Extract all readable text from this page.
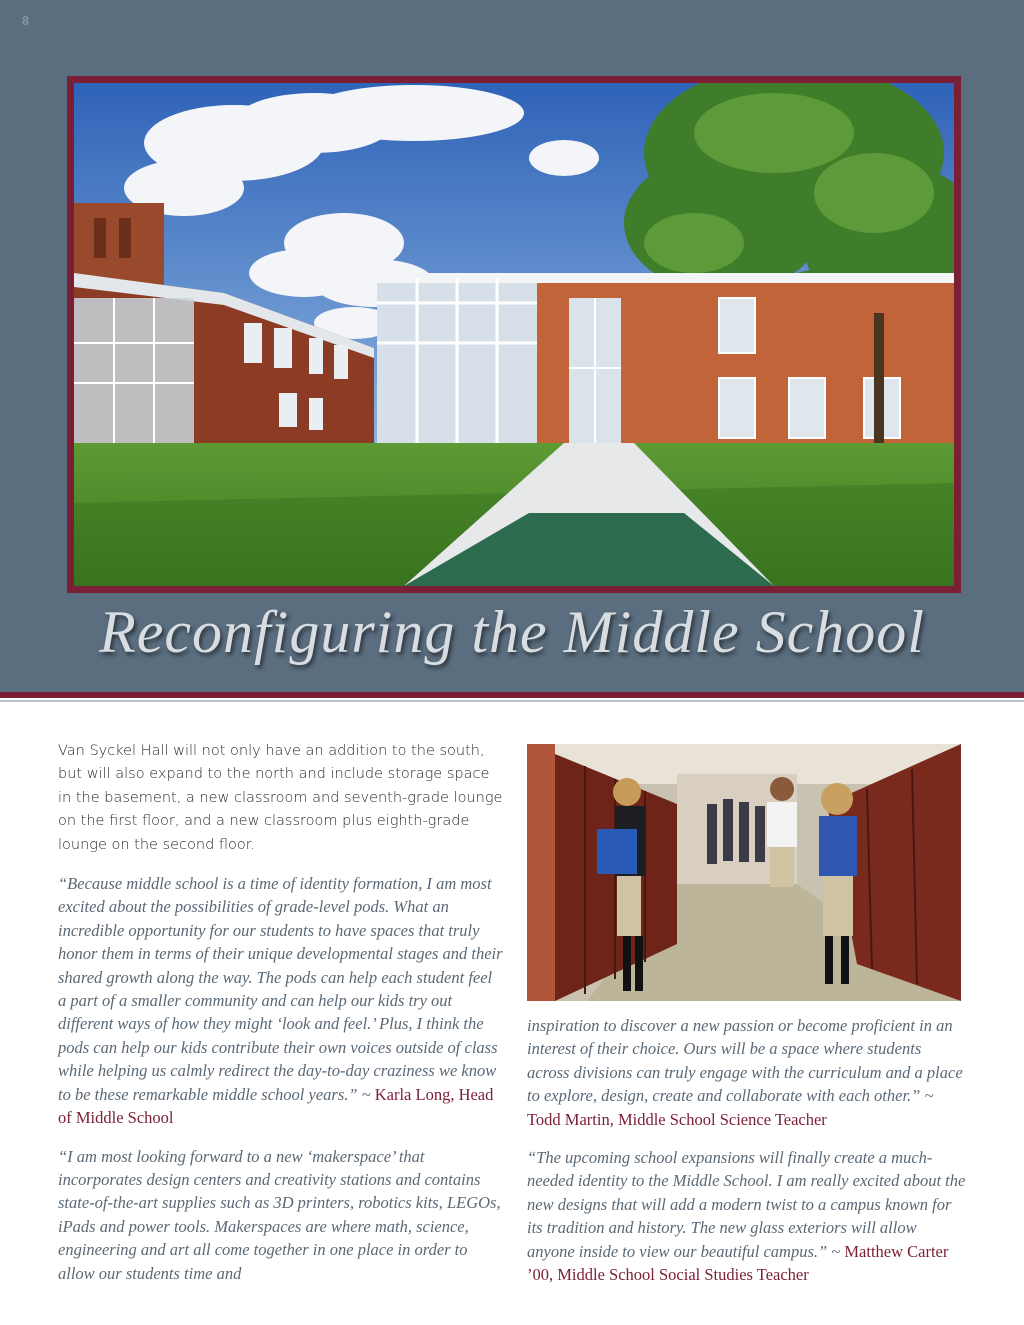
8
Reconfiguring the Middle School

Van Syckel Hall will not only have an addition to the south, but will also expand to the north and include storage space in the basement, a new classroom and seventh-grade lounge on the first floor, and a new classroom plus eighth-grade lounge on the second floor.

“Because middle school is a time of identity formation, I am most excited about the possibilities of grade-level pods. What an incredible opportunity for our students to have spaces that truly honor them in terms of their unique developmental stages and their shared growth along the way. The pods can help each student feel a part of a smaller community and can help our kids try out different ways of how they might ‘look and feel.’ Plus, I think the pods can help our kids contribute their own voices outside of class while helping us calmly redirect the day-to-day craziness we know to be these remarkable middle school years.” ~ Karla Long, Head of Middle School

“I am most looking forward to a new ‘makerspace’ that incorporates design centers and creativity stations and contains state-of-the-art supplies such as 3D printers, robotics kits, LEGOs, iPads and power tools. Makerspaces are where math, science, engineering and art all come together in one place in order to allow our students time and

inspiration to discover a new passion or become proficient in an interest of their choice. Ours will be a space where students across divisions can truly engage with the curriculum and a place to explore, design, create and collaborate with each other.” ~ Todd Martin, Middle School Science Teacher

“The upcoming school expansions will finally create a much-needed identity to the Middle School. I am really excited about the new designs that will add a modern twist to a campus known for its tradition and history. The new glass exteriors will allow anyone inside to view our beautiful campus.” ~ Matthew Carter ’00, Middle School Social Studies Teacher
